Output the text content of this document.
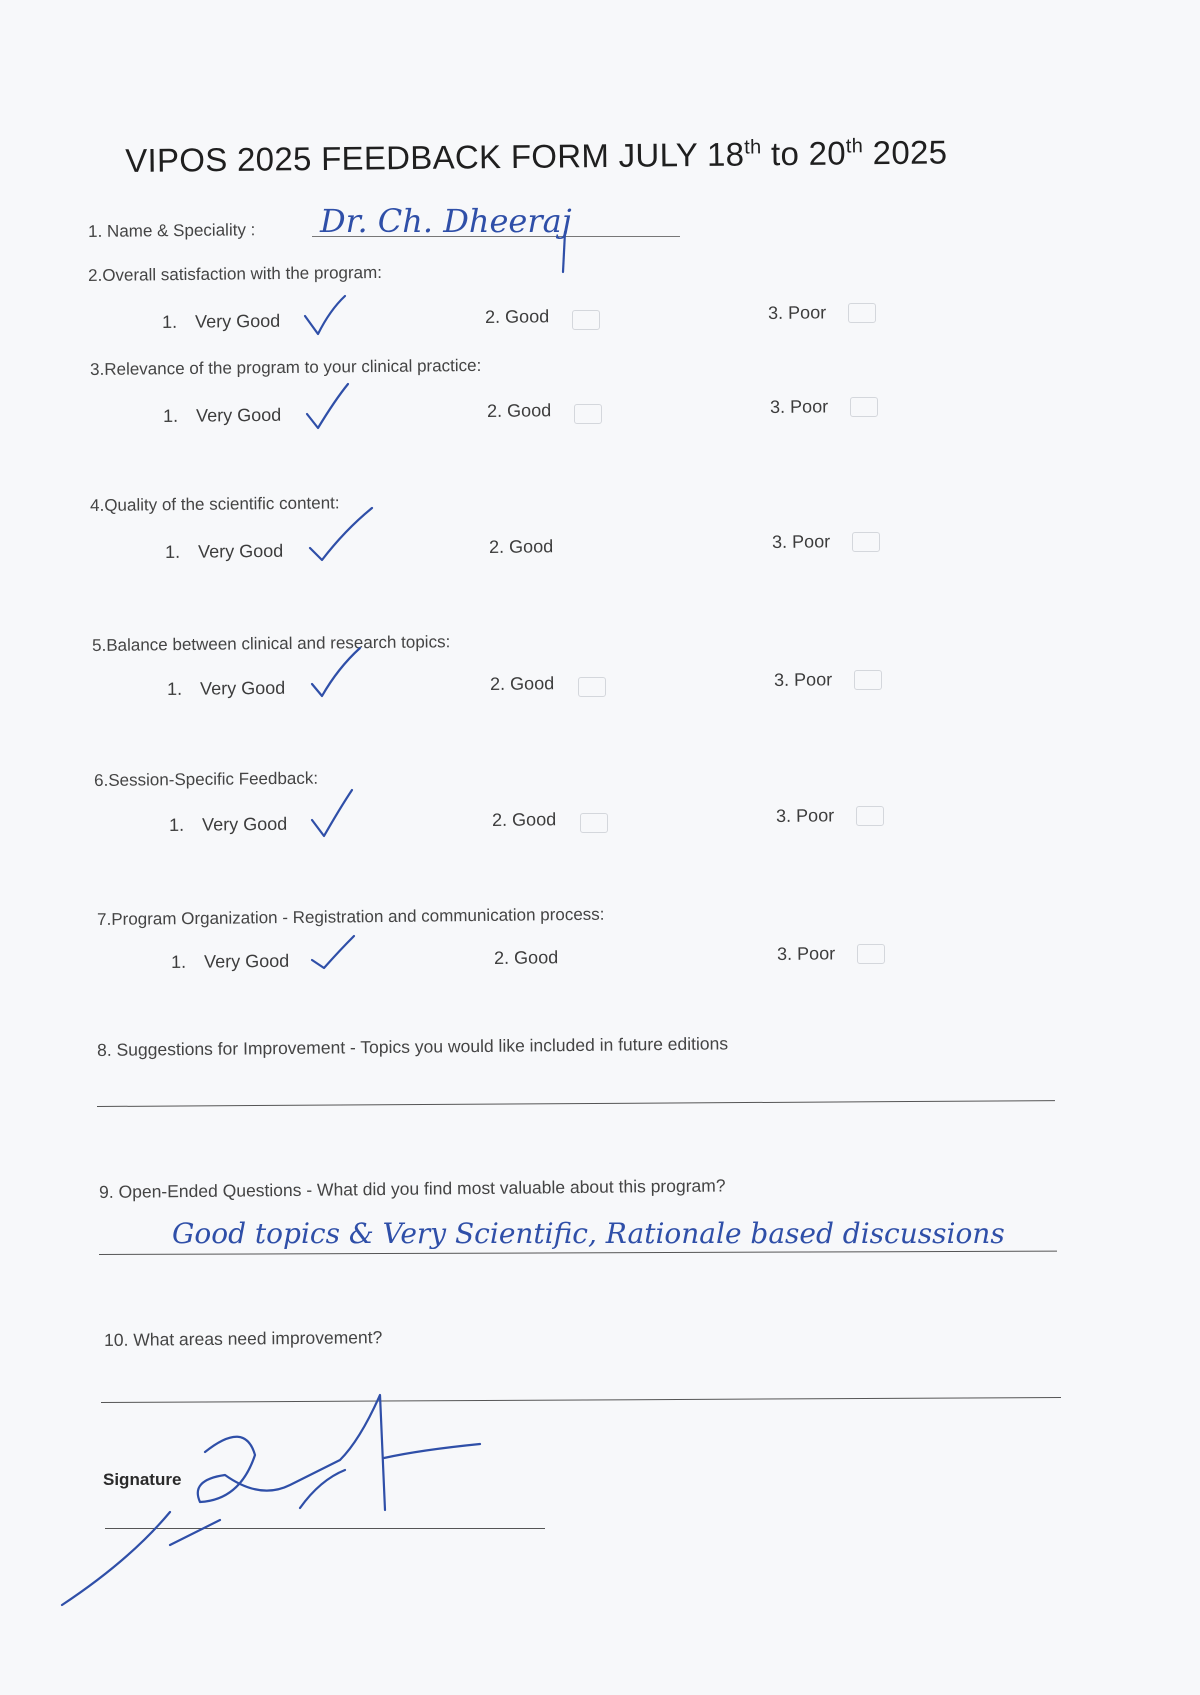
VIPOS 2025 FEEDBACK FORM JULY 18th to 20th 2025
1. Name & Speciality : Dr. Ch. Dheeraj
2.Overall satisfaction with the program:
1. Very Good	2. Good	3. Poor
3.Relevance of the program to your clinical practice:
1. Very Good	2. Good	3. Poor
4.Quality of the scientific content:
1. Very Good	2. Good	3. Poor
5.Balance between clinical and research topics:
1. Very Good	2. Good	3. Poor
6.Session-Specific Feedback:
1. Very Good	2. Good	3. Poor
7.Program Organization - Registration and communication process:
1. Very Good	2. Good	3. Poor
8. Suggestions for Improvement - Topics you would like included in future editions
9. Open-Ended Questions - What did you find most valuable about this program?
Good topics & Very Scientific, Rationale based discussions
10. What areas need improvement?
Signature
